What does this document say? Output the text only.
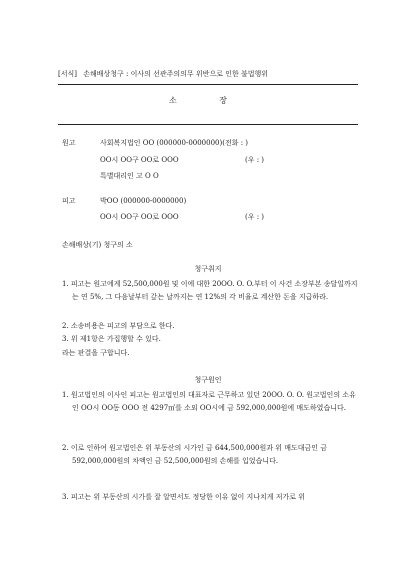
[서식] 손해배상청구 : 이사의 선관주의의무 위반으로 인한 불법행위
소 장
원고	사회복지법인 OO (000000-0000000)(전화 : )
OO시 OO구 OO로 OOO	(우 : )
특별대리인 고 O O
피고	박OO (000000-0000000)
OO시 OO구 OO로 OOO	(우 : )
손해배상(기) 청구의 소
청구취지
1. 피고는 원고에게 52,500,000원 및 이에 대한 20OO. O. O.부터 이 사건 소장부본 송달일까지는 연 5%, 그 다음날부터 갚는 날까지는 연 12%의 각 비율로 계산한 돈을 지급하라.
2. 소송비용은 피고의 부담으로 한다.
3. 위 제1항은 가집행할 수 있다.
라는 판결을 구합니다.
청구원인
1. 원고법인의 이사인 피고는 원고법인의 대표자로 근무하고 있던 20OO. O. O. 원고법인의 소유인 OO시 OO동 OOO 전 4297㎡를 소외 OO시에 금 592,000,000원에 매도하였습니다.
2. 이로 인하여 원고법인은 위 부동산의 시가인 금 644,500,000원과 위 매도대금인 금 592,000,000원의 차액인 금 52,500,000원의 손해를 입었습니다.
3. 피고는 위 부동산의 시가를 잘 알면서도 정당한 이유 없이 지나치게 저가로 위
